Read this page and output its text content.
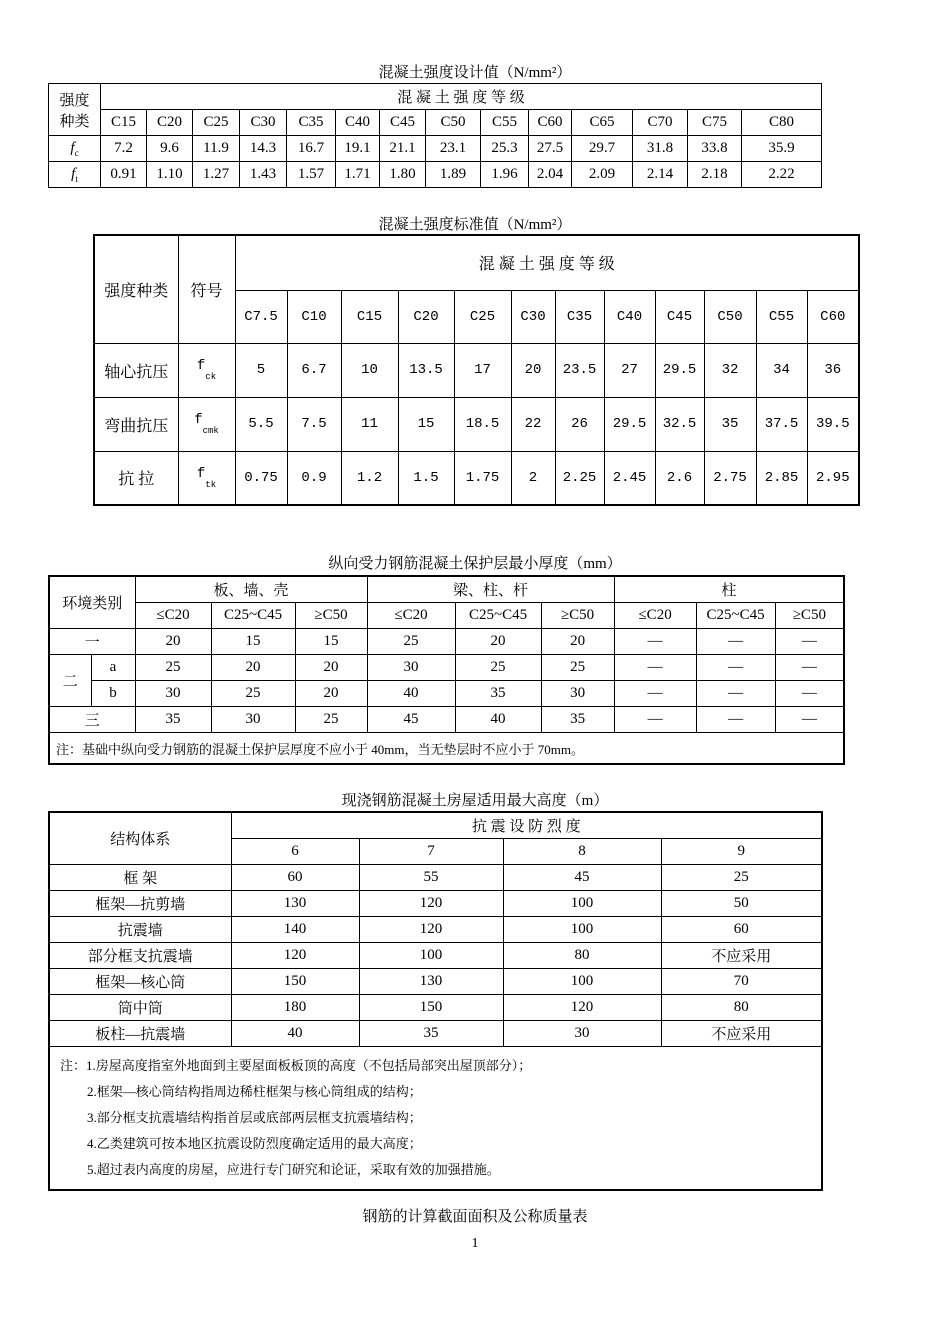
混凝土强度设计值（N/mm²）
强度
种类	混 凝 土 强 度 等 级													
	C15	C20	C25	C30	C35	C40	C45	C50	C55	C60	C65	C70	C75	C80
$f_c$	7.2	9.6	11.9	14.3	16.7	19.1	21.1	23.1	25.3	27.5	29.7	31.8	33.8	35.9
$f_t$	0.91	1.10	1.27	1.43	1.57	1.71	1.80	1.89	1.96	2.04	2.09	2.14	2.18	2.22
混凝土强度标准值（N/mm²）
强度种类	符号	混 凝 土 强 度 等 级											
		C7.5	C10	C15	C20	C25	C30	C35	C40	C45	C50	C55	C60
轴心抗压	$f_{ck}$	5	6.7	10	13.5	17	20	23.5	27	29.5	32	34	36
弯曲抗压	$f_{cmk}$	5.5	7.5	11	15	18.5	22	26	29.5	32.5	35	37.5	39.5
抗 拉	$f_{tk}$	0.75	0.9	1.2	1.5	1.75	2	2.25	2.45	2.6	2.75	2.85	2.95
纵向受力钢筋混凝土保护层最小厚度（mm）
环境类别		板、墙、壳			梁、柱、杆			柱		
		≤C20	C25~C45	≥C50	≤C20	C25~C45	≥C50	≤C20	C25~C45	≥C50
一		20	15	15	25	20	20	—	—	—
二	a	25	20	20	30	25	25	—	—	—
	b	30	25	20	40	35	30	—	—	—
三		35	30	25	45	40	35	—	—	—
注：基础中纵向受力钢筋的混凝土保护层厚度不应小于 40mm，当无垫层时不应小于 70mm。										
现浇钢筋混凝土房屋适用最大高度（m）
结构体系	抗 震 设 防 烈 度			
	6	7	8	9
框 架	60	55	45	25
框架—抗剪墙	130	120	100	50
抗震墙	140	120	100	60
部分框支抗震墙	120	100	80	不应采用
框架—核心筒	150	130	100	70
筒中筒	180	150	120	80
板柱—抗震墙	40	35	30	不应采用

注：1.房屋高度指室外地面到主要屋面板板顶的高度（不包括局部突出屋顶部分）；
2.框架—核心筒结构指周边稀柱框架与核心筒组成的结构；
3.部分框支抗震墙结构指首层或底部两层框支抗震墙结构；
4.乙类建筑可按本地区抗震设防烈度确定适用的最大高度；
5.超过表内高度的房屋，应进行专门研究和论证，采取有效的加强措施。				
钢筋的计算截面面积及公称质量表
1
